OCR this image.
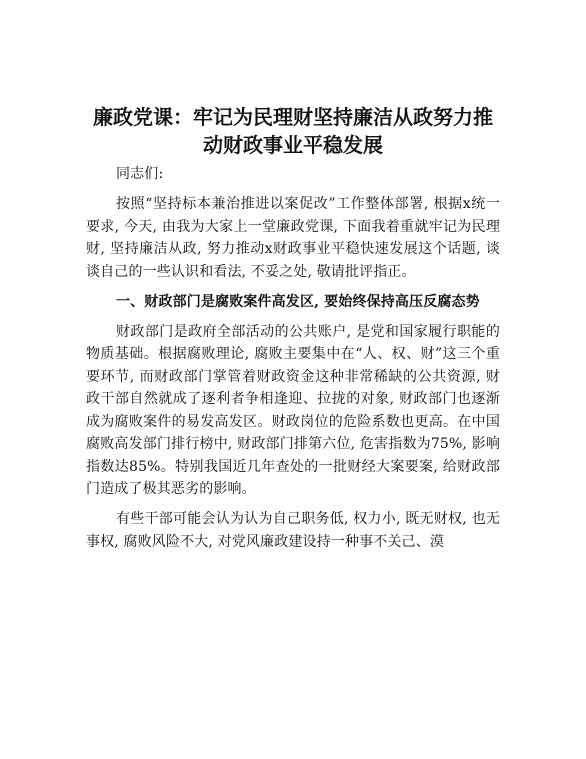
廉政党课：牢记为民理财坚持廉洁从政努力推动财政事业平稳发展

同志们:

按照“坚持标本兼治推进以案促改”工作整体部署, 根据x统一要求, 今天, 由我为大家上一堂廉政党课, 下面我着重就牢记为民理财, 坚持廉洁从政, 努力推动x财政事业平稳快速发展这个话题, 谈谈自己的一些认识和看法, 不妥之处, 敬请批评指正。

一、财政部门是腐败案件高发区, 要始终保持高压反腐态势

财政部门是政府全部活动的公共账户, 是党和国家履行职能的物质基础。根据腐败理论, 腐败主要集中在“人、权、财”这三个重要环节, 而财政部门掌管着财政资金这种非常稀缺的公共资源, 财政干部自然就成了逐利者争相逢迎、拉拢的对象, 财政部门也逐渐成为腐败案件的易发高发区。财政岗位的危险系数也更高。在中国腐败高发部门排行榜中, 财政部门排第六位, 危害指数为75%, 影响指数达85%。特别我国近几年查处的一批财经大案要案, 给财政部门造成了极其恶劣的影响。

有些干部可能会认为认为自己职务低, 权力小, 既无财权, 也无事权, 腐败风险不大, 对党风廉政建设持一种事不关己、漠
